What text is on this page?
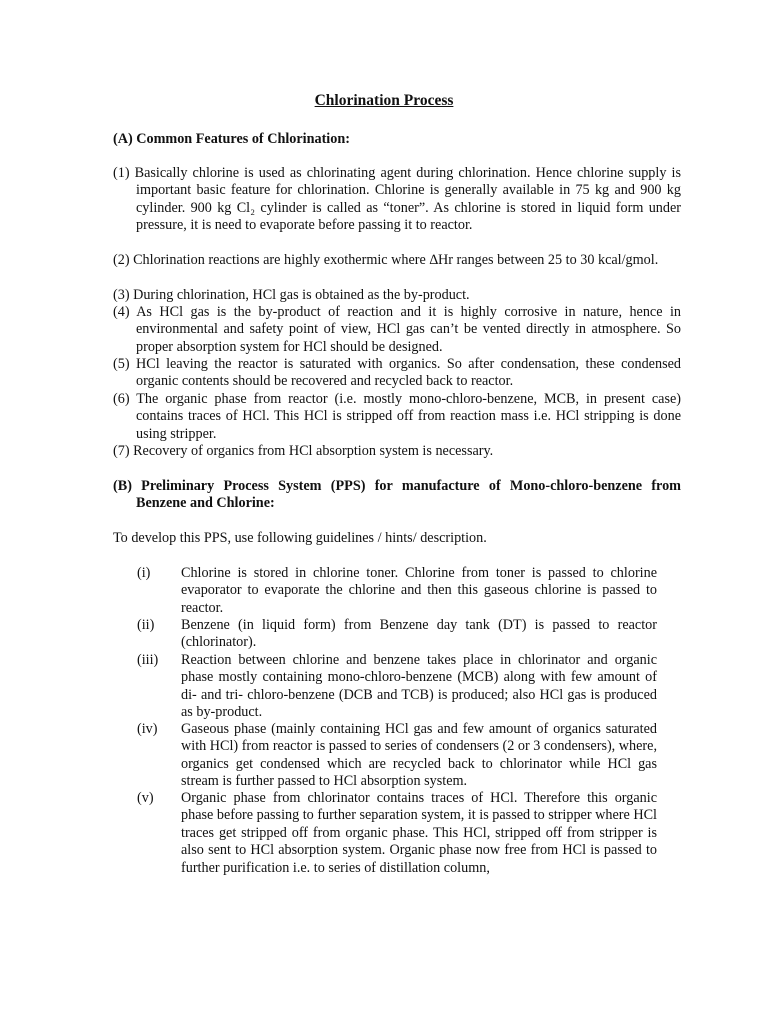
Chlorination Process
(A) Common Features of Chlorination:

(1) Basically chlorine is used as chlorinating agent during chlorination. Hence chlorine supply is important basic feature for chlorination. Chlorine is generally available in 75 kg and 900 kg cylinder. 900 kg Cl₂ cylinder is called as “toner”. As chlorine is stored in liquid form under pressure, it is need to evaporate before passing it to reactor.

(2) Chlorination reactions are highly exothermic where ∆Hr ranges between 25 to 30 kcal/gmol.

(3) During chlorination, HCl gas is obtained as the by-product.

(4) As HCl gas is the by-product of reaction and it is highly corrosive in nature, hence in environmental and safety point of view, HCl gas can’t be vented directly in atmosphere. So proper absorption system for HCl should be designed.

(5) HCl leaving the reactor is saturated with organics. So after condensation, these condensed organic contents should be recovered and recycled back to reactor.

(6) The organic phase from reactor (i.e. mostly mono-chloro-benzene, MCB, in present case) contains traces of HCl. This HCl is stripped off from reaction mass i.e. HCl stripping is done using stripper.

(7) Recovery of organics from HCl absorption system is necessary.

(B) Preliminary Process System (PPS) for manufacture of Mono-chloro-benzene from Benzene and Chlorine:

To develop this PPS, use following guidelines / hints/ description.

(i) Chlorine is stored in chlorine toner. Chlorine from toner is passed to chlorine evaporator to evaporate the chlorine and then this gaseous chlorine is passed to reactor.
(ii) Benzene (in liquid form) from Benzene day tank (DT) is passed to reactor (chlorinator).
(iii) Reaction between chlorine and benzene takes place in chlorinator and organic phase mostly containing mono-chloro-benzene (MCB) along with few amount of di- and tri- chloro-benzene (DCB and TCB) is produced; also HCl gas is produced as by-product.
(iv) Gaseous phase (mainly containing HCl gas and few amount of organics saturated with HCl) from reactor is passed to series of condensers (2 or 3 condensers), where, organics get condensed which are recycled back to chlorinator while HCl gas stream is further passed to HCl absorption system.
(v) Organic phase from chlorinator contains traces of HCl. Therefore this organic phase before passing to further separation system, it is passed to stripper where HCl traces get stripped off from organic phase. This HCl, stripped off from stripper is also sent to HCl absorption system. Organic phase now free from HCl is passed to further purification i.e. to series of distillation column,
